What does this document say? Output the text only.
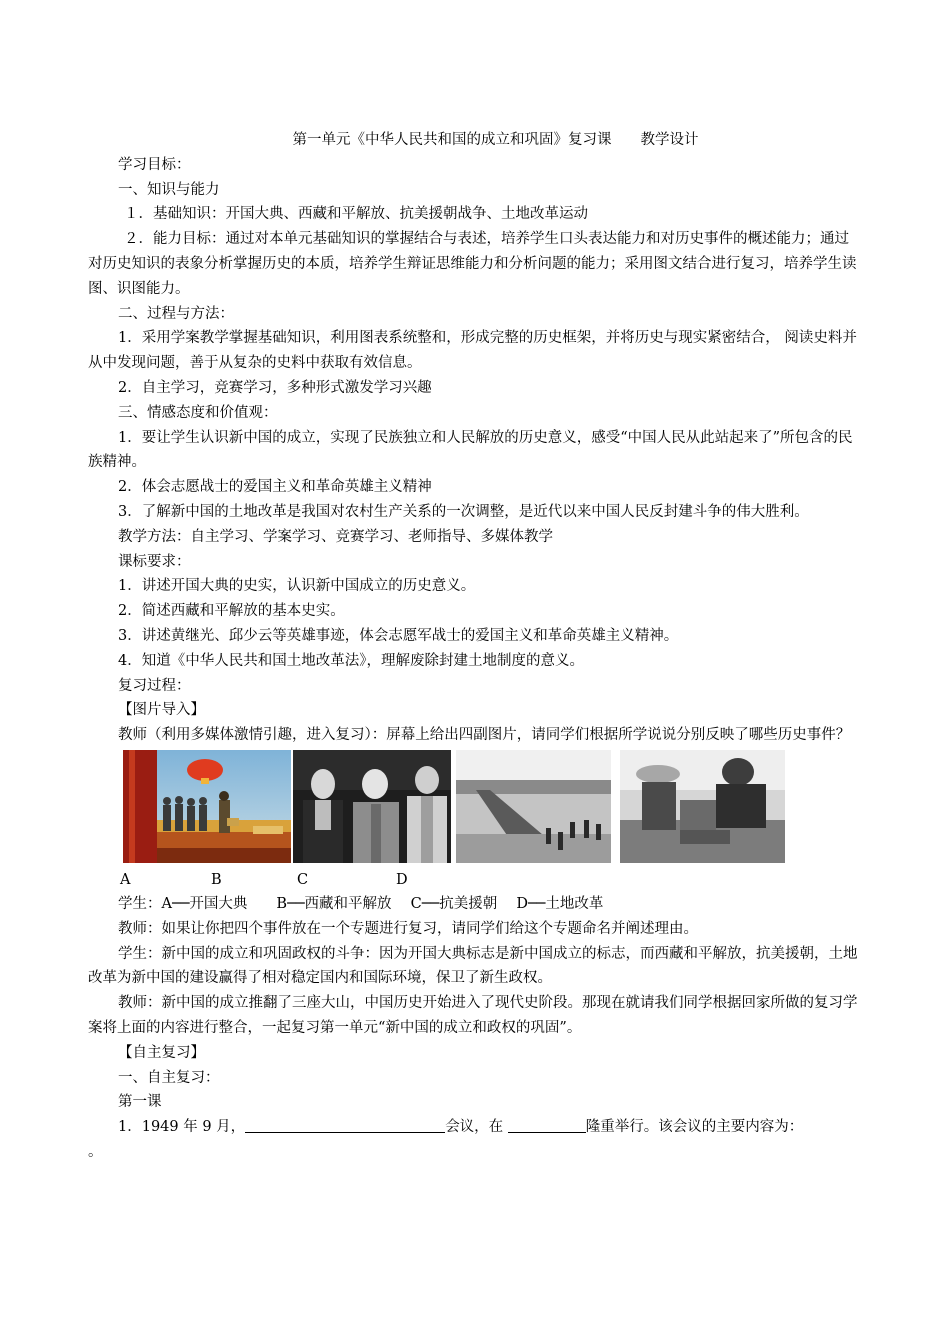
第一单元《中华人民共和国的成立和巩固》复习课　　教学设计

学习目标：

一、知识与能力

１．基础知识：开国大典、西藏和平解放、抗美援朝战争、土地改革运动

２．能力目标：通过对本单元基础知识的掌握结合与表述，培养学生口头表达能力和对历史事件的概述能力；通过对历史知识的表象分析掌握历史的本质，培养学生辩证思维能力和分析问题的能力；采用图文结合进行复习，培养学生读图、识图能力。

二、过程与方法：

1．采用学案教学掌握基础知识，利用图表系统整和，形成完整的历史框架，并将历史与现实紧密结合， 阅读史料并从中发现问题，善于从复杂的史料中获取有效信息。

2．自主学习，竞赛学习，多种形式激发学习兴趣

三、情感态度和价值观：

1．要让学生认识新中国的成立，实现了民族独立和人民解放的历史意义，感受“中国人民从此站起来了”所包含的民族精神。

2．体会志愿战士的爱国主义和革命英雄主义精神

3．了解新中国的土地改革是我国对农村生产关系的一次调整，是近代以来中国人民反封建斗争的伟大胜利。

教学方法：自主学习、学案学习、竞赛学习、老师指导、多媒体教学

课标要求：

1．讲述开国大典的史实，认识新中国成立的历史意义。

2．简述西藏和平解放的基本史实。

3．讲述黄继光、邱少云等英雄事迹，体会志愿军战士的爱国主义和革命英雄主义精神。

4．知道《中华人民共和国土地改革法》，理解废除封建土地制度的意义。

复习过程：

【图片导入】

教师（利用多媒体激情引趣，进入复习）：屏幕上给出四副图片，请同学们根据所学说说分别反映了哪些历史事件？

A	B	C	D

学生：A──开国大典　　B──西藏和平解放　 C──抗美援朝　 D──土地改革

教师：如果让你把四个事件放在一个专题进行复习，请同学们给这个专题命名并阐述理由。

学生：新中国的成立和巩固政权的斗争：因为开国大典标志是新中国成立的标志，而西藏和平解放，抗美援朝，土地改革为新中国的建设赢得了相对稳定国内和国际环境，保卫了新生政权。

教师：新中国的成立推翻了三座大山，中国历史开始进入了现代史阶段。那现在就请我们同学根据回家所做的复习学案将上面的内容进行整合，一起复习第一单元“新中国的成立和政权的巩固”。

【自主复习】

一、自主复习：

第一课

1．1949 年 9 月，	会议，在	隆重举行。该会议的主要内容为：

。
